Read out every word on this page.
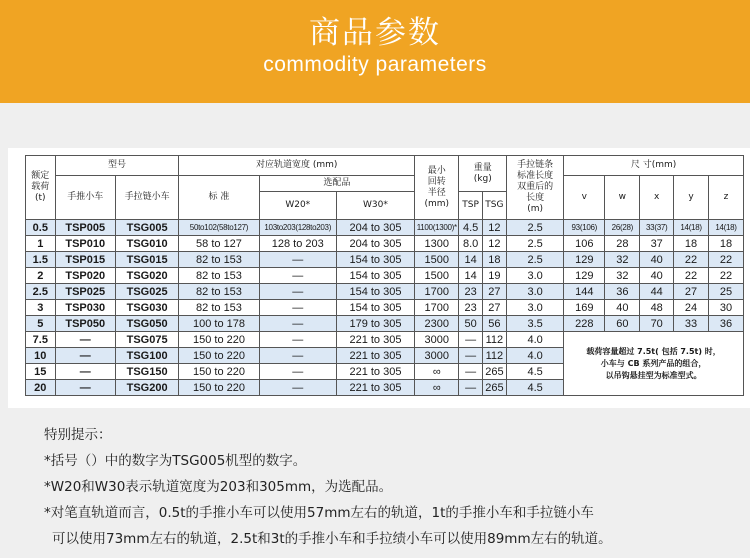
商品参数
commodity parameters
额定
载荷
(t)	型号		对应轨道宽度 (mm)			最小
回转
半径
(mm)	重量
(kg)		手拉链条
标准长度
双重后的
长度
(m)	尺 寸(mm)				
	手推小车	手拉链小车	标 准	选配品						v	w	x	y	z
				W20*	W30*		TSP	TSG						
0.5	TSP005	TSG005	50to102(58to127)	103to203(128to203)	204 to 305	1100(1300)*	4.5	12	2.5	93(106)	26(28)	33(37)	14(18)	14(18)
1	TSP010	TSG010	58 to 127	128 to 203	204 to 305	1300	8.0	12	2.5	106	28	37	18	18
1.5	TSP015	TSG015	82 to 153	—	154 to 305	1500	14	18	2.5	129	32	40	22	22
2	TSP020	TSG020	82 to 153	—	154 to 305	1500	14	19	3.0	129	32	40	22	22
2.5	TSP025	TSG025	82 to 153	—	154 to 305	1700	23	27	3.0	144	36	44	27	25
3	TSP030	TSG030	82 to 153	—	154 to 305	1700	23	27	3.0	169	40	48	24	30
5	TSP050	TSG050	100 to 178	—	179 to 305	2300	50	56	3.5	228	60	70	33	36
7.5	—	TSG075	150 to 220	—	221 to 305	3000	—	112	4.0	载荷容量超过 7.5t( 包括 7.5t) 时，
小车与 CB 系列产品的组合，
以吊钩悬挂型为标准型式。				

10	—	TSG100	150 to 220	—	221 to 305	3000	—	112	4.0					
15	—	TSG150	150 to 220	—	221 to 305	∞	—	265	4.5					
20	—	TSG200	150 to 220	—	221 to 305	∞	—	265	4.5					

特别提示：

*括号（）中的数字为TSG005机型的数字。

*W20和W30表示轨道宽度为203和305mm，为选配品。

*对笔直轨道而言，0.5t的手推小车可以使用57mm左右的轨道，1t的手推小车和手拉链小车

可以使用73mm左右的轨道，2.5t和3t的手推小车和手拉绩小车可以使用89mm左右的轨道。
